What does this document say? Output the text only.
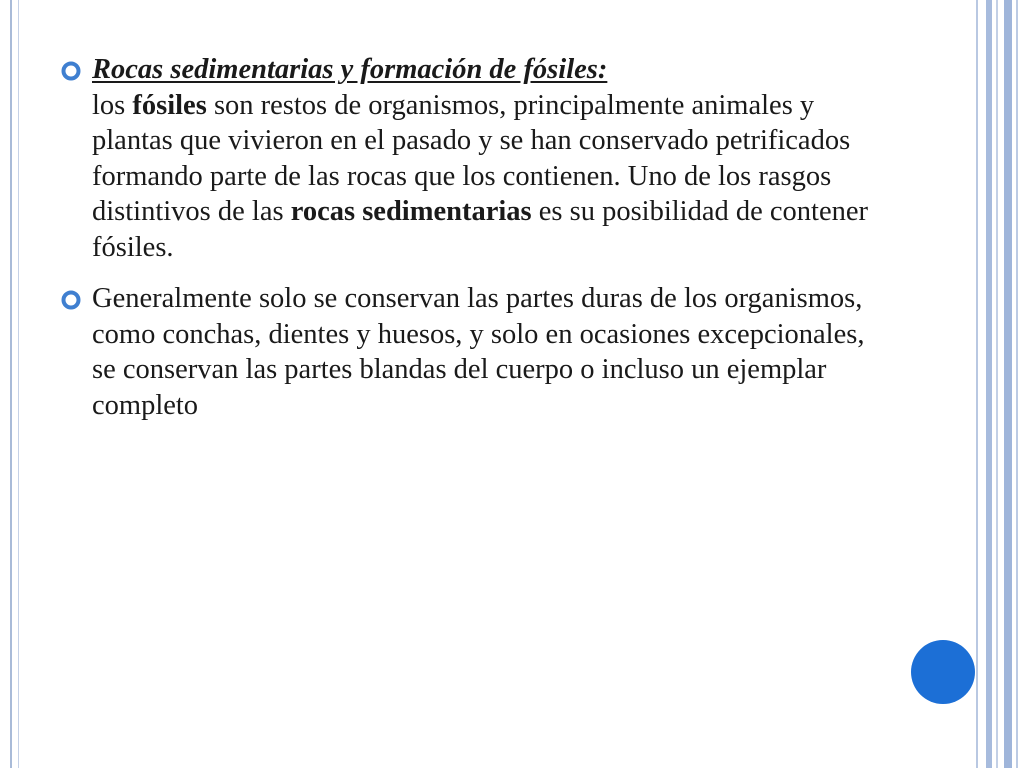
Rocas sedimentarias y formación de fósiles:
los fósiles son restos de organismos, principalmente animales y plantas que vivieron en el pasado y se han conservado petrificados formando parte de las rocas que los contienen. Uno de los rasgos distintivos de las rocas sedimentarias es su posibilidad de contener fósiles.
Generalmente solo se conservan las partes duras de los organismos, como conchas, dientes y huesos, y solo en ocasiones excepcionales, se conservan las partes blandas del cuerpo o incluso un ejemplar completo
